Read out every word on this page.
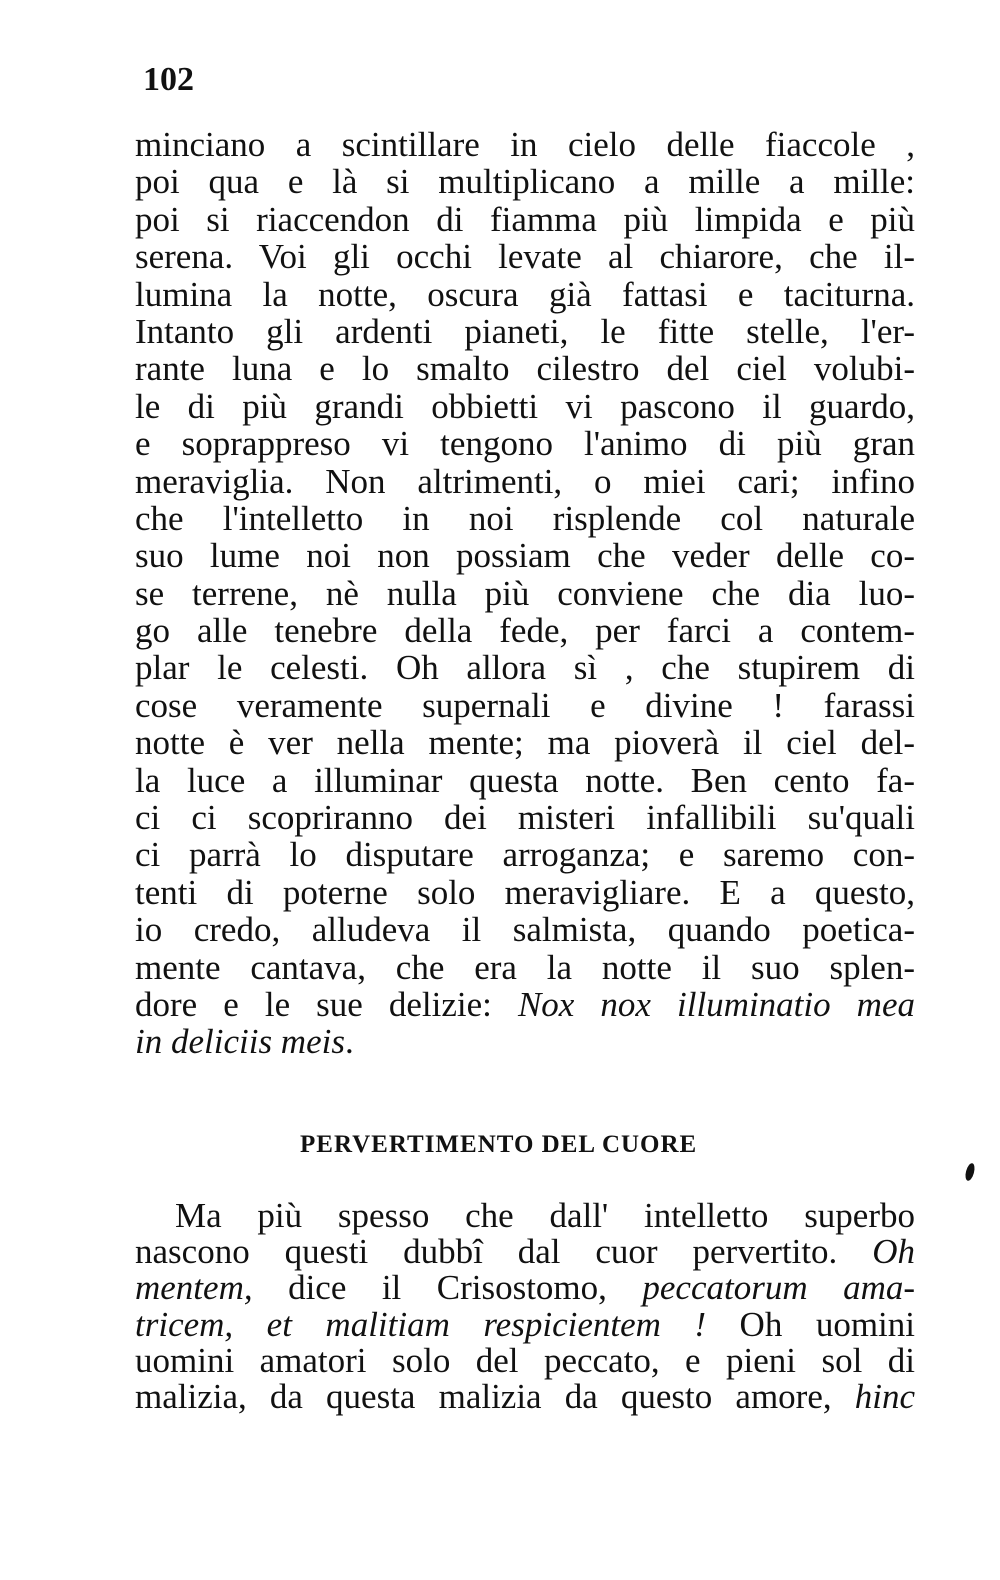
102
minciano a scintillare in cielo delle fiaccole ,
poi qua e là si multiplicano a mille a mille:
poi si riaccendon di fiamma più limpida e più
serena. Voi gli occhi levate al chiarore, che il-
lumina la notte, oscura già fattasi e taciturna.
Intanto gli ardenti pianeti, le fitte stelle, l'er-
rante luna e lo smalto cilestro del ciel volubi-
le di più grandi obbietti vi pascono il guardo,
e soprappreso vi tengono l'animo di più gran
meraviglia. Non altrimenti, o miei cari; infino
che l'intelletto in noi risplende col naturale
suo lume noi non possiam che veder delle co-
se terrene, nè nulla più conviene che dia luo-
go alle tenebre della fede, per farci a contem-
plar le celesti. Oh allora sì , che stupirem di
cose veramente supernali e divine ! farassi
notte è ver nella mente; ma pioverà il ciel del-
la luce a illuminar questa notte. Ben cento fa-
ci ci scopriranno dei misteri infallibili su'quali
ci parrà lo disputare arroganza; e saremo con-
tenti di poterne solo meravigliare. E a questo,
io credo, alludeva il salmista, quando poetica-
mente cantava, che era la notte il suo splen-
dore e le sue delizie: Nox nox illuminatio mea
in deliciis meis.
PERVERTIMENTO DEL CUORE
Ma più spesso che dall' intelletto superbo
nascono questi dubbî dal cuor pervertito. Oh
mentem, dice il Crisostomo, peccatorum ama-
tricem, et malitiam respicientem ! Oh uomini
uomini amatori solo del peccato, e pieni sol di
malizia, da questa malizia da questo amore, hinc
